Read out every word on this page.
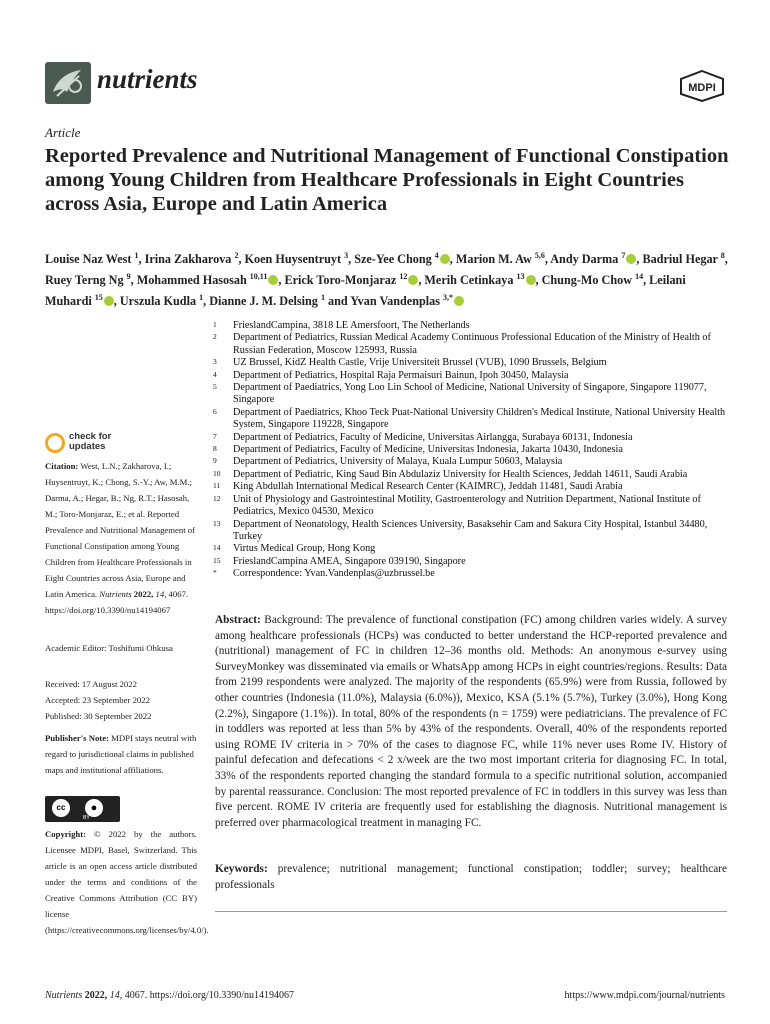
nutrients	MDPI
Article
Reported Prevalence and Nutritional Management of Functional Constipation among Young Children from Healthcare Professionals in Eight Countries across Asia, Europe and Latin America
Louise Naz West $^1$, Irina Zakharova $^2$, Koen Huysentruyt $^3$, Sze-Yee Chong $^4$ , Marion M. Aw $^{5,6}$, Andy Darma $^7$ , Badriul Hegar $^8$, Ruey Terng Ng $^9$, Mohammed Hasosah $^{10,11}$ , Erick Toro-Monjaraz $^{12}$ , Merih Cetinkaya $^{13}$ , Chung-Mo Chow $^{14}$, Leilani Muhardi $^{15}$ , Urszula Kudla $^1$, Dianne J. M. Delsing $^1$ and Yvan Vandenplas $^{3,*}$
1	FrieslandCampina, 3818 LE Amersfoort, The Netherlands
2	Department of Pediatrics, Russian Medical Academy Continuous Professional Education of the Ministry of Health of Russian Federation, Moscow 125993, Russia
3	UZ Brussel, KidZ Health Castle, Vrije Universiteit Brussel (VUB), 1090 Brussels, Belgium
4	Department of Pediatrics, Hospital Raja Permaisuri Bainun, Ipoh 30450, Malaysia
5	Department of Paediatrics, Yong Loo Lin School of Medicine, National University of Singapore, Singapore 119077, Singapore
6	Department of Paediatrics, Khoo Teck Puat-National University Children's Medical Institute, National University Health System, Singapore 119228, Singapore
7	Department of Pediatrics, Faculty of Medicine, Universitas Airlangga, Surabaya 60131, Indonesia
8	Department of Pediatrics, Faculty of Medicine, Universitas Indonesia, Jakarta 10430, Indonesia
9	Department of Pediatrics, University of Malaya, Kuala Lumpur 50603, Malaysia
10	Department of Pediatric, King Saud Bin Abdulaziz University for Health Sciences, Jeddah 14611, Saudi Arabia
11	King Abdullah International Medical Research Center (KAIMRC), Jeddah 11481, Saudi Arabia
12	Unit of Physiology and Gastrointestinal Motility, Gastroenterology and Nutrition Department, National Institute of Pediatrics, Mexico 04530, Mexico
13	Department of Neonatology, Health Sciences University, Basaksehir Cam and Sakura City Hospital, Istanbul 34480, Turkey
14	Virtus Medical Group, Hong Kong
15	FrieslandCampina AMEA, Singapore 039190, Singapore
*	Correspondence: Yvan.Vandenplas@uzbrussel.be
check for
updates
Citation: West, L.N.; Zakharova, I.; Huysentruyt, K.; Chong, S.-Y.; Aw, M.M.; Darma, A.; Hegar, B.; Ng, R.T.; Hasosah, M.; Toro-Monjaraz, E.; et al. Reported Prevalence and Nutritional Management of Functional Constipation among Young Children from Healthcare Professionals in Eight Countries across Asia, Europe and Latin America. Nutrients 2022, 14, 4067. https://doi.org/10.3390/nu14194067
Academic Editor: Toshifumi Ohkusa
Received: 17 August 2022
Accepted: 23 September 2022
Published: 30 September 2022
Publisher's Note: MDPI stays neutral with regard to jurisdictional claims in published maps and institutional affiliations.
cc	●
BY
Copyright: © 2022 by the authors. Licensee MDPI, Basel, Switzerland. This article is an open access article distributed under the terms and conditions of the Creative Commons Attribution (CC BY) license (https://creativecommons.org/licenses/by/4.0/).
Abstract: Background: The prevalence of functional constipation (FC) among children varies widely. A survey among healthcare professionals (HCPs) was conducted to better understand the HCP-reported prevalence and (nutritional) management of FC in children 12–36 months old. Methods: An anonymous e-survey using SurveyMonkey was disseminated via emails or WhatsApp among HCPs in eight countries/regions. Results: Data from 2199 respondents were analyzed. The majority of the respondents (65.9%) were from Russia, followed by other countries (Indonesia (11.0%), Malaysia (6.0%)), Mexico, KSA (5.1% (5.7%), Turkey (3.0%), Hong Kong (2.2%), Singapore (1.1%)). In total, 80% of the respondents (n = 1759) were pediatricians. The prevalence of FC in toddlers was reported at less than 5% by 43% of the respondents. Overall, 40% of the respondents reported using ROME IV criteria in > 70% of the cases to diagnose FC, while 11% never uses Rome IV. History of painful defecation and defecations < 2 x/week are the two most important criteria for diagnosing FC. In total, 33% of the respondents reported changing the standard formula to a specific nutritional solution, accompanied by parental reassurance. Conclusion: The most reported prevalence of FC in toddlers in this survey was less than five percent. ROME IV criteria are frequently used for establishing the diagnosis. Nutritional management is preferred over pharmacological treatment in managing FC.
Keywords: prevalence; nutritional management; functional constipation; toddler; survey; healthcare professionals
Nutrients 2022, 14, 4067. https://doi.org/10.3390/nu14194067	https://www.mdpi.com/journal/nutrients
